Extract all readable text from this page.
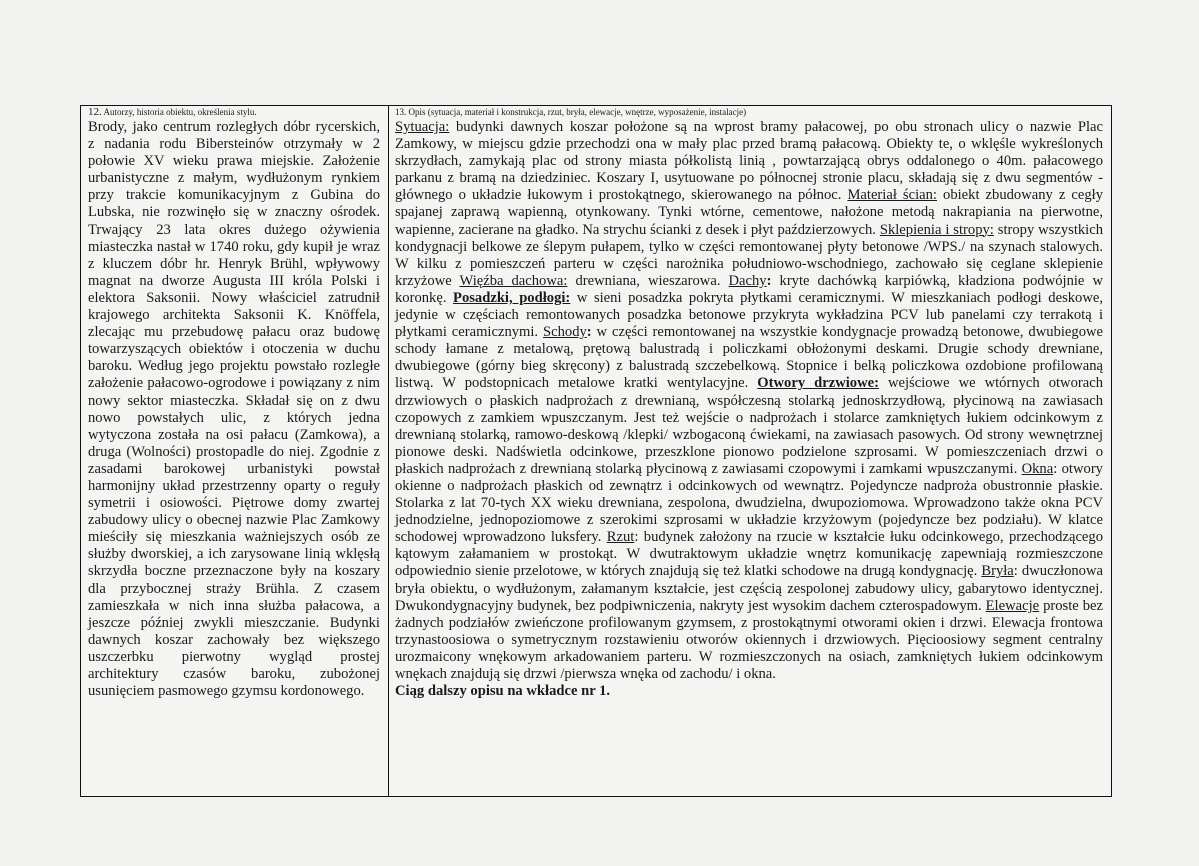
12. Autorzy, historia obiektu, określenia stylu.

Brody, jako centrum rozległych dóbr rycerskich, z nadania rodu Bibersteinów otrzymały w 2 połowie XV wieku prawa miejskie. Założenie urbanistyczne z małym, wydłużonym rynkiem przy trakcie komunikacyjnym z Gubina do Lubska, nie rozwinęło się w znaczny ośrodek. Trwający 23 lata okres dużego ożywienia miasteczka nastał w 1740 roku, gdy kupił je wraz z kluczem dóbr hr. Henryk Brühl, wpływowy magnat na dworze Augusta III króla Polski i elektora Saksonii. Nowy właściciel zatrudnił krajowego architekta Saksonii K. Knöffela, zlecając mu przebudowę pałacu oraz budowę towarzyszących obiektów i otoczenia w duchu baroku. Według jego projektu powstało rozległe założenie pałacowo-ogrodowe i powiązany z nim nowy sektor miasteczka. Składał się on z dwu nowo powstałych ulic, z których jedna wytyczona została na osi pałacu (Zamkowa), a druga (Wolności) prostopadle do niej. Zgodnie z zasadami barokowej urbanistyki powstał harmonijny układ przestrzenny oparty o reguły symetrii i osiowości. Piętrowe domy zwartej zabudowy ulicy o obecnej nazwie Plac Zamkowy mieściły się mieszkania ważniejszych osób ze służby dworskiej, a ich zarysowane linią wklęsłą skrzydła boczne przeznaczone były na koszary dla przybocznej straży Brühla. Z czasem zamieszkała w nich inna służba pałacowa, a jeszcze później zwykli mieszczanie. Budynki dawnych koszar zachowały bez większego uszczerbku pierwotny wygląd prostej architektury czasów baroku, zubożonej usunięciem pasmowego gzymsu kordonowego.

13. Opis (sytuacja, materiał i konstrukcja, rzut, bryła, elewacje, wnętrze, wyposażenie, instalacje)

Sytuacja: budynki dawnych koszar położone są na wprost bramy pałacowej, po obu stronach ulicy o nazwie Plac Zamkowy, w miejscu gdzie przechodzi ona w mały plac przed bramą pałacową. Obiekty te, o wklęśle wykreślonych skrzydłach, zamykają plac od strony miasta półkolistą linią , powtarzającą obrys oddalonego o 40m. pałacowego parkanu z bramą na dziedziniec. Koszary I, usytuowane po północnej stronie placu, składają się z dwu segmentów -głównego o układzie łukowym i prostokątnego, skierowanego na północ. Materiał ścian: obiekt zbudowany z cegły spajanej zaprawą wapienną, otynkowany. Tynki wtórne, cementowe, nałożone metodą nakrapiania na pierwotne, wapienne, zacierane na gładko. Na strychu ścianki z desek i płyt paździerzowych. Sklepienia i stropy: stropy wszystkich kondygnacji belkowe ze ślepym pułapem, tylko w części remontowanej płyty betonowe /WPS./ na szynach stalowych. W kilku z pomieszczeń parteru w części narożnika południowo-wschodniego, zachowało się ceglane sklepienie krzyżowe Więźba dachowa: drewniana, wieszarowa. Dachy: kryte dachówką karpiówką, kładziona podwójnie w koronkę. Posadzki, podłogi: w sieni posadzka pokryta płytkami ceramicznymi. W mieszkaniach podłogi deskowe, jedynie w częściach remontowanych posadzka betonowe przykryta wykładzina PCV lub panelami czy terrakotą i płytkami ceramicznymi. Schody: w części remontowanej na wszystkie kondygnacje prowadzą betonowe, dwubiegowe schody łamane z metalową, prętową balustradą i policzkami obłożonymi deskami. Drugie schody drewniane, dwubiegowe (górny bieg skręcony) z balustradą szczebelkową. Stopnice i belką policzkowa ozdobione profilowaną listwą. W podstopnicach metalowe kratki wentylacyjne. Otwory drzwiowe: wejściowe we wtórnych otworach drzwiowych o płaskich nadprożach z drewnianą, współczesną stolarką jednoskrzydłową, płycinową na zawiasach czopowych z zamkiem wpuszczanym. Jest też wejście o nadprożach i stolarce zamkniętych łukiem odcinkowym z drewnianą stolarką, ramowo-deskową /klepki/ wzbogaconą ćwiekami, na zawiasach pasowych. Od strony wewnętrznej pionowe deski. Nadświetla odcinkowe, przeszklone pionowo podzielone szprosami. W pomieszczeniach drzwi o płaskich nadprożach z drewnianą stolarką płycinową z zawiasami czopowymi i zamkami wpuszczanymi. Okna: otwory okienne o nadprożach płaskich od zewnątrz i odcinkowych od wewnątrz. Pojedyncze nadproża obustronnie płaskie. Stolarka z lat 70-tych XX wieku drewniana, zespolona, dwudzielna, dwupoziomowa. Wprowadzono także okna PCV jednodzielne, jednopoziomowe z szerokimi szprosami w układzie krzyżowym (pojedyncze bez podziału). W klatce schodowej wprowadzono luksfery. Rzut: budynek założony na rzucie w kształcie łuku odcinkowego, przechodzącego kątowym załamaniem w prostokąt. W dwutraktowym układzie wnętrz komunikację zapewniają rozmieszczone odpowiednio sienie przelotowe, w których znajdują się też klatki schodowe na drugą kondygnację. Bryła: dwuczłonowa bryła obiektu, o wydłużonym, załamanym kształcie, jest częścią zespolonej zabudowy ulicy, gabarytowo identycznej. Dwukondygnacyjny budynek, bez podpiwniczenia, nakryty jest wysokim dachem czterospadowym. Elewacje proste bez żadnych podziałów zwieńczone profilowanym gzymsem, z prostokątnymi otworami okien i drzwi. Elewacja frontowa trzynastoosiowa o symetrycznym rozstawieniu otworów okiennych i drzwiowych. Pięcioosiowy segment centralny urozmaicony wnękowym arkadowaniem parteru. W rozmieszczonych na osiach, zamkniętych łukiem odcinkowym wnękach znajdują się drzwi /pierwsza wnęka od zachodu/ i okna.

Ciąg dalszy opisu na wkładce nr 1.
